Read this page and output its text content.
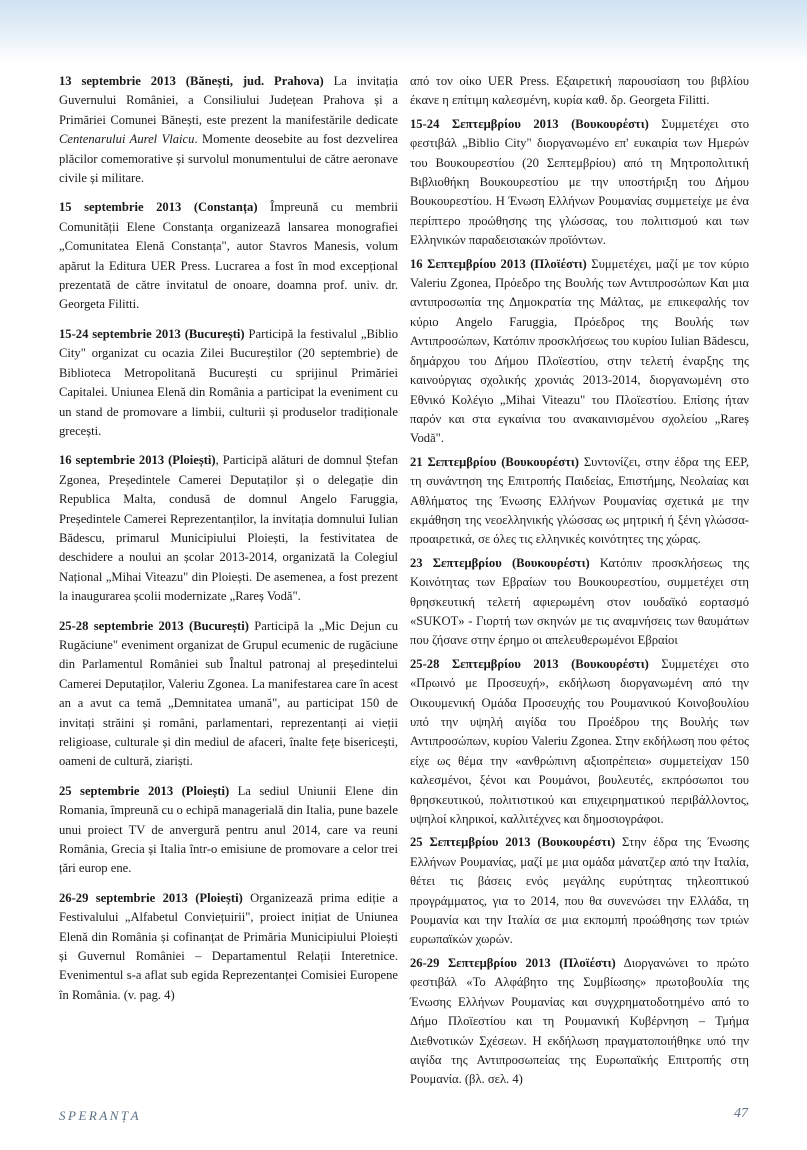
13 septembrie 2013 (Bănești, jud. Prahova) La invitația Guvernului României, a Consiliului Județean Prahova și a Primăriei Comunei Bănești, este prezent la manifestările dedicate Centenarului Aurel Vlaicu. Momente deosebite au fost dezvelirea plăcilor comemorative și survolul monumentului de către aeronave civile și militare.

15 septembrie 2013 (Constanța) Împreună cu membrii Comunității Elene Constanța organizează lansarea monografiei „Comunitatea Elenă Constanța", autor Stavros Manesis, volum apărut la Editura UER Press. Lucrarea a fost în mod excepțional prezentată de către invitatul de onoare, doamna prof. univ. dr. Georgeta Filitti.

15-24 septembrie 2013 (București) Participă la festivalul „Biblio City" organizat cu ocazia Zilei Bucureștilor (20 septembrie) de Biblioteca Metropolitană București cu sprijinul Primăriei Capitalei. Uniunea Elenă din România a participat la eveniment cu un stand de promovare a limbii, culturii și produselor tradiționale grecești.

16 septembrie 2013 (Ploiești), Participă alături de domnul Ștefan Zgonea, Președintele Camerei Deputaților și o delegație din Republica Malta, condusă de domnul Angelo Faruggia, Președintele Camerei Reprezentanților, la invitația domnului Iulian Bădescu, primarul Municipiului Ploiești, la festivitatea de deschidere a noului an școlar 2013-2014, organizată la Colegiul Național „Mihai Viteazu" din Ploiești. De asemenea, a fost prezent la inaugurarea școlii modernizate „Rareș Vodă".

25-28 septembrie 2013 (București) Participă la „Mic Dejun cu Rugăciune" eveniment organizat de Grupul ecumenic de rugăciune din Parlamentul României sub Înaltul patronaj al președintelui Camerei Deputaților, Valeriu Zgonea. La manifestarea care în acest an a avut ca temă „Demnitatea umană", au participat 150 de invitați străini și români, parlamentari, reprezentanți ai vieții religioase, culturale și din mediul de afaceri, înalte fețe bisericești, oameni de cultură, ziariști.

25 septembrie 2013 (Ploiești) La sediul Uniunii Elene din Romania, împreună cu o echipă managerială din Italia, pune bazele unui proiect TV de anvergură pentru anul 2014, care va reuni România, Grecia și Italia într-o emisiune de promovare a celor trei țări europ ene.

26-29 septembrie 2013 (Ploiești) Organizează prima ediție a Festivalului „Alfabetul Conviețuirii", proiect inițiat de Uniunea Elenă din România și cofinanțat de Primăria Municipiului Ploiești și Guvernul României – Departamentul Relații Interetnice. Evenimentul s-a aflat sub egida Reprezentanței Comisiei Europene în România. (v. pag. 4)

από τον οίκο UER Press. Εξαιρετική παρουσίαση του βιβλίου έκανε η επίτιμη καλεσμένη, κυρία καθ. δρ. Georgeta Filitti.

15-24 Σεπτεμβρίου 2013 (Βουκουρέστι) Συμμετέχει στο φεστιβάλ „Biblio City" διοργανωμένο επ' ευκαιρία των Ημερών του Βουκουρεστίου (20 Σεπτεμβρίου) από τη Μητροπολιτική Βιβλιοθήκη Βουκουρεστίου με την υποστήριξη του Δήμου Βουκουρεστίου. Η Ένωση Ελλήνων Ρουμανίας συμμετείχε με ένα περίπτερο προώθησης της γλώσσας, του πολιτισμού και των Ελληνικών παραδεισιακών προϊόντων.

16 Σεπτεμβρίου 2013 (Πλοϊέστι) Συμμετέχει, μαζί με τον κύριο Valeriu Zgonea, Πρόεδρο της Βουλής των Αντιπροσώπων Και μια αντιπροσωπία της Δημοκρατία της Μάλτας, με επικεφαλής τον κύριο Angelo Faruggia, Πρόεδρος της Βουλής των Αντιπροσώπων, Κατόπιν προσκλήσεως του κυρίου Iulian Bădescu, δημάρχου του Δήμου Πλοϊεστίου, στην τελετή έναρξης της καινούργιας σχολικής χρονιάς 2013-2014, διοργανωμένη στο Εθνικό Κολέγιο „Mihai Viteazu" του Πλοϊεστίου. Επίσης ήταν παρόν και στα εγκαίνια του ανακαινισμένου σχολείου „Rareș Vodă".

21 Σεπτεμβρίου (Βουκουρέστι) Συντονίζει, στην έδρα της ΕΕΡ, τη συνάντηση της Επιτροπής Παιδείας, Επιστήμης, Νεολαίας και Αθλήματος της Ένωσης Ελλήνων Ρουμανίας σχετικά με την εκμάθηση της νεοελληνικής γλώσσας ως μητρική ή ξένη γλώσσα-προαιρετικά, σε όλες τις ελληνικές κοινότητες της χώρας.

23 Σεπτεμβρίου (Βουκουρέστι) Κατόπιν προσκλήσεως της Κοινότητας των Εβραίων του Βουκουρεστίου, συμμετέχει στη θρησκευτική τελετή αφιερωμένη στον ιουδαϊκό εορτασμό «SUKOT» - Γιορτή των σκηνών με τις αναμνήσεις των θαυμάτων που ζήσανε στην έρημο οι απελευθερωμένοι Εβραίοι

25-28 Σεπτεμβρίου 2013 (Βουκουρέστι) Συμμετέχει στο «Πρωινό με Προσευχή», εκδήλωση διοργανωμένη από την Οικουμενική Ομάδα Προσευχής του Ρουμανικού Κοινοβουλίου υπό την υψηλή αιγίδα του Προέδρου της Βουλής των Αντιπροσώπων, κυρίου Valeriu Zgonea. Στην εκδήλωση που φέτος είχε ως θέμα την «ανθρώπινη αξιοπρέπεια» συμμετείχαν 150 καλεσμένοι, ξένοι και Ρουμάνοι, βουλευτές, εκπρόσωποι του θρησκευτικού, πολιτιστικού και επιχειρηματικού περιβάλλοντος, υψηλοί κληρικοί, καλλιτέχνες και δημοσιογράφοι.

25 Σεπτεμβρίου 2013 (Βουκουρέστι) Στην έδρα της Ένωσης Ελλήνων Ρουμανίας, μαζί με μια ομάδα μάνατζερ από την Ιταλία, θέτει τις βάσεις ενός μεγάλης ευρύτητας τηλεοπτικού προγράμματος, για το 2014, που θα συνενώσει την Ελλάδα, τη Ρουμανία και την Ιταλία σε μια εκπομπή προώθησης των τριών ευρωπαϊκών χωρών.

26-29 Σεπτεμβρίου 2013 (Πλοϊέστι) Διοργανώνει το πρώτο φεστιβάλ «Το Αλφάβητο της Συμβίωσης» πρωτοβουλία της Ένωσης Ελλήνων Ρουμανίας και συγχρηματοδοτημένο από το Δήμο Πλοϊεστίου και τη Ρουμανική Κυβέρνηση – Τμήμα Διεθνοτικών Σχέσεων. Η εκδήλωση πραγματοποιήθηκε υπό την αιγίδα της Αντιπροσωπείας της Ευρωπαϊκής Επιτροπής στη Ρουμανία. (βλ. σελ. 4)

SPERANȚA	47
